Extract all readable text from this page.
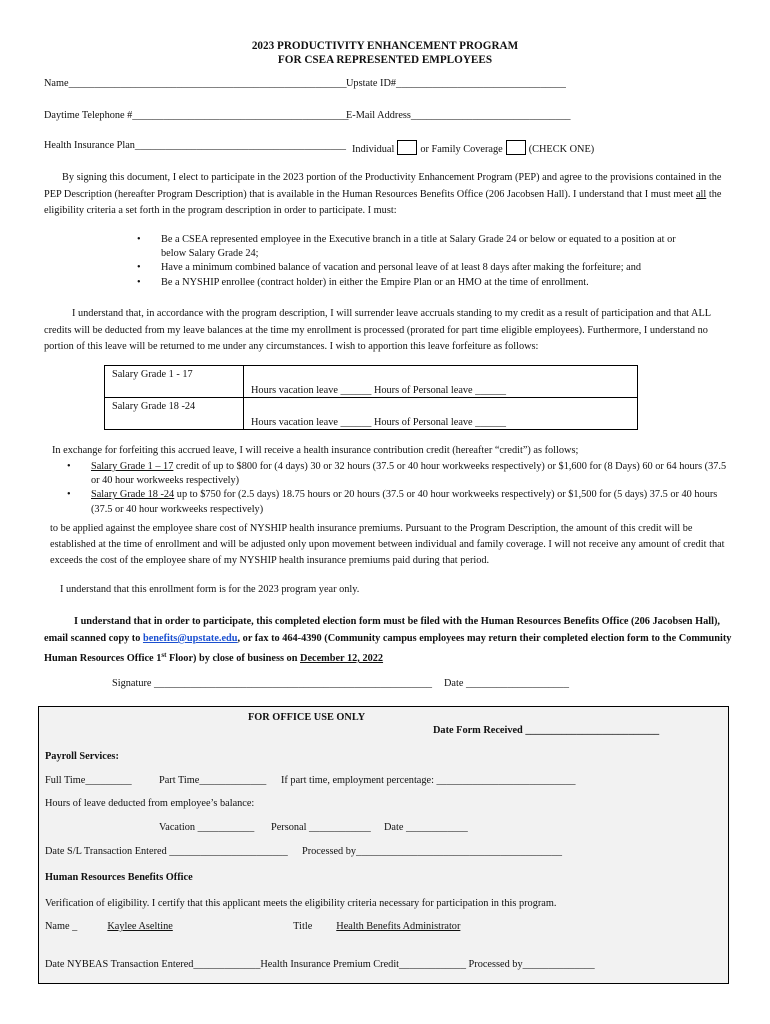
2023 PRODUCTIVITY ENHANCEMENT PROGRAM
FOR CSEA REPRESENTED EMPLOYEES
Name______________________________________________________ Upstate ID#_________________________________
Daytime Telephone #__________________________________________
E-Mail Address_______________________________
Health Insurance Plan_________________________________________ Individual	or Family Coverage	(CHECK ONE)
By signing this document, I elect to participate in the 2023 portion of the Productivity Enhancement Program (PEP) and agree to the provisions contained in the PEP Description (hereafter Program Description) that is available in the Human Resources Benefits Office (206 Jacobsen Hall). I understand that I must meet all the eligibility criteria a set forth in the program description in order to participate. I must:
• Be a CSEA represented employee in the Executive branch in a title at Salary Grade 24 or below or equated to a position at or below Salary Grade 24;
• Have a minimum combined balance of vacation and personal leave of at least 8 days after making the forfeiture; and
• Be a NYSHIP enrollee (contract holder) in either the Empire Plan or an HMO at the time of enrollment.
I understand that, in accordance with the program description, I will surrender leave accruals standing to my credit as a result of participation and that ALL credits will be deducted from my leave balances at the time my enrollment is processed (prorated for part time eligible employees). Furthermore, I understand no portion of this leave will be returned to me under any circumstances. I wish to apportion this leave forfeiture as follows:
Salary Grade 1 - 17	Hours vacation leave ______ Hours of Personal leave ______

Salary Grade 18 -24	Hours vacation leave ______ Hours of Personal leave ______
In exchange for forfeiting this accrued leave, I will receive a health insurance contribution credit (hereafter “credit”) as follows;
• Salary Grade 1 – 17 credit of up to $800 for (4 days) 30 or 32 hours (37.5 or 40 hour workweeks respectively) or $1,600 for (8 Days) 60 or 64 hours (37.5 or 40 hour workweeks respectively)
• Salary Grade 18 -24 up to $750 for (2.5 days) 18.75 hours or 20 hours (37.5 or 40 hour workweeks respectively) or $1,500 for (5 days) 37.5 or 40 hours (37.5 or 40 hour workweeks respectively)
to be applied against the employee share cost of NYSHIP health insurance premiums. Pursuant to the Program Description, the amount of this credit will be established at the time of enrollment and will be adjusted only upon movement between individual and family coverage. I will not receive any amount of credit that exceeds the cost of the employee share of my NYSHIP health insurance premiums paid during that period.
I understand that this enrollment form is for the 2023 program year only.
I understand that in order to participate, this completed election form must be filed with the Human Resources Benefits Office (206 Jacobsen Hall), email scanned copy to benefits@upstate.edu, or fax to 464-4390 (Community campus employees may return their completed election form to the Community Human Resources Office 1st Floor) by close of business on December 12, 2022
Signature ______________________________________________________ Date ____________________
FOR OFFICE USE ONLY
Date Form Received __________________________
Payroll Services:
Full Time_________	Part Time_____________ If part time, employment percentage: ___________________________
Hours of leave deducted from employee’s balance:
Vacation ___________ Personal ____________ Date ____________
Date S/L Transaction Entered _______________________ Processed by________________________________________
Human Resources Benefits Office
Verification of eligibility. I certify that this applicant meets the eligibility criteria necessary for participation in this program.
Name _	Kaylee Aseltine	Title Health Benefits Administrator
Date NYBEAS Transaction Entered_____________Health Insurance Premium Credit_____________ Processed by______________
